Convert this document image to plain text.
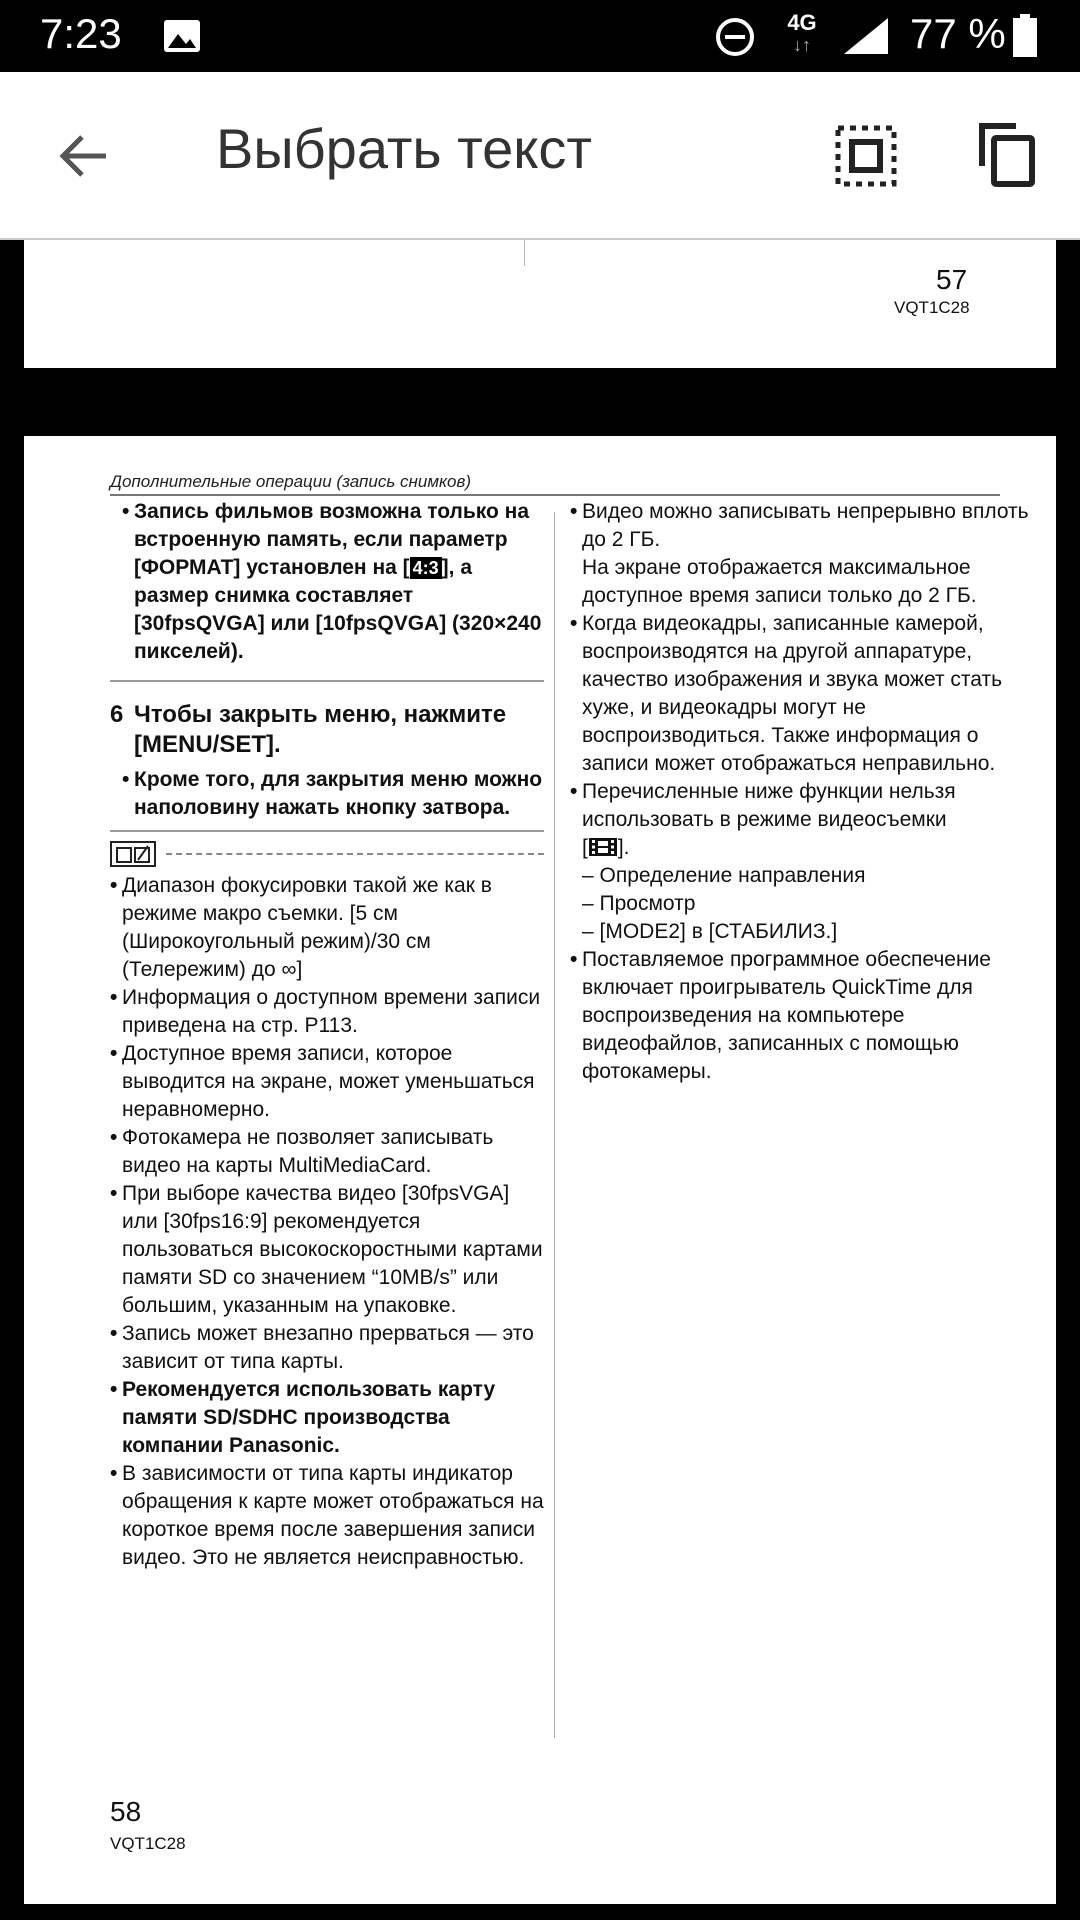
7:23	4G
↓↑ 77 %
Выбрать текст
57
VQT1C28
Дополнительные операции (запись снимков)
• Запись фильмов возможна только на встроенную память, если параметр [ФОРМАТ] установлен на [ 4:3 ], а размер снимка составляет [30fpsQVGA] или [10fpsQVGA] (320×240 пикселей).
6 Чтобы закрыть меню, нажмите [MENU/SET].
• Кроме того, для закрытия меню можно наполовину нажать кнопку затвора.
• Диапазон фокусировки такой же как в режиме макро съемки. [5 см (Широкоугольный режим)/30 см (Телережим) до ∞]
• Информация о доступном времени записи приведена на стр. P113.
• Доступное время записи, которое выводится на экране, может уменьшаться неравномерно.
• Фотокамера не позволяет записывать видео на карты MultiMediaCard.
• При выборе качества видео [30fpsVGA] или [30fps16:9] рекомендуется пользоваться высокоскоростными картами памяти SD со значением “10MB/s” или большим, указанным на упаковке.
• Запись может внезапно прерваться — это зависит от типа карты.
• Рекомендуется использовать карту памяти SD/SDHC производства компании Panasonic.
• В зависимости от типа карты индикатор обращения к карте может отображаться на короткое время после завершения записи видео. Это не является неисправностью.
• Видео можно записывать непрерывно вплоть до 2 ГБ.
На экране отображается максимальное доступное время записи только до 2 ГБ.
• Когда видеокадры, записанные камерой, воспроизводятся на другой аппаратуре, качество изображения и звука может стать хуже, и видеокадры могут не воспроизводиться. Также информация о записи может отображаться неправильно.
• Перечисленные ниже функции нельзя использовать в режиме видеосъемки
[ ].
– Определение направления
– Просмотр
– [MODE2] в [СТАБИЛИЗ.]
• Поставляемое программное обеспечение включает проигрыватель QuickTime для воспроизведения на компьютере видеофайлов, записанных с помощью фотокамеры.
58
VQT1C28
